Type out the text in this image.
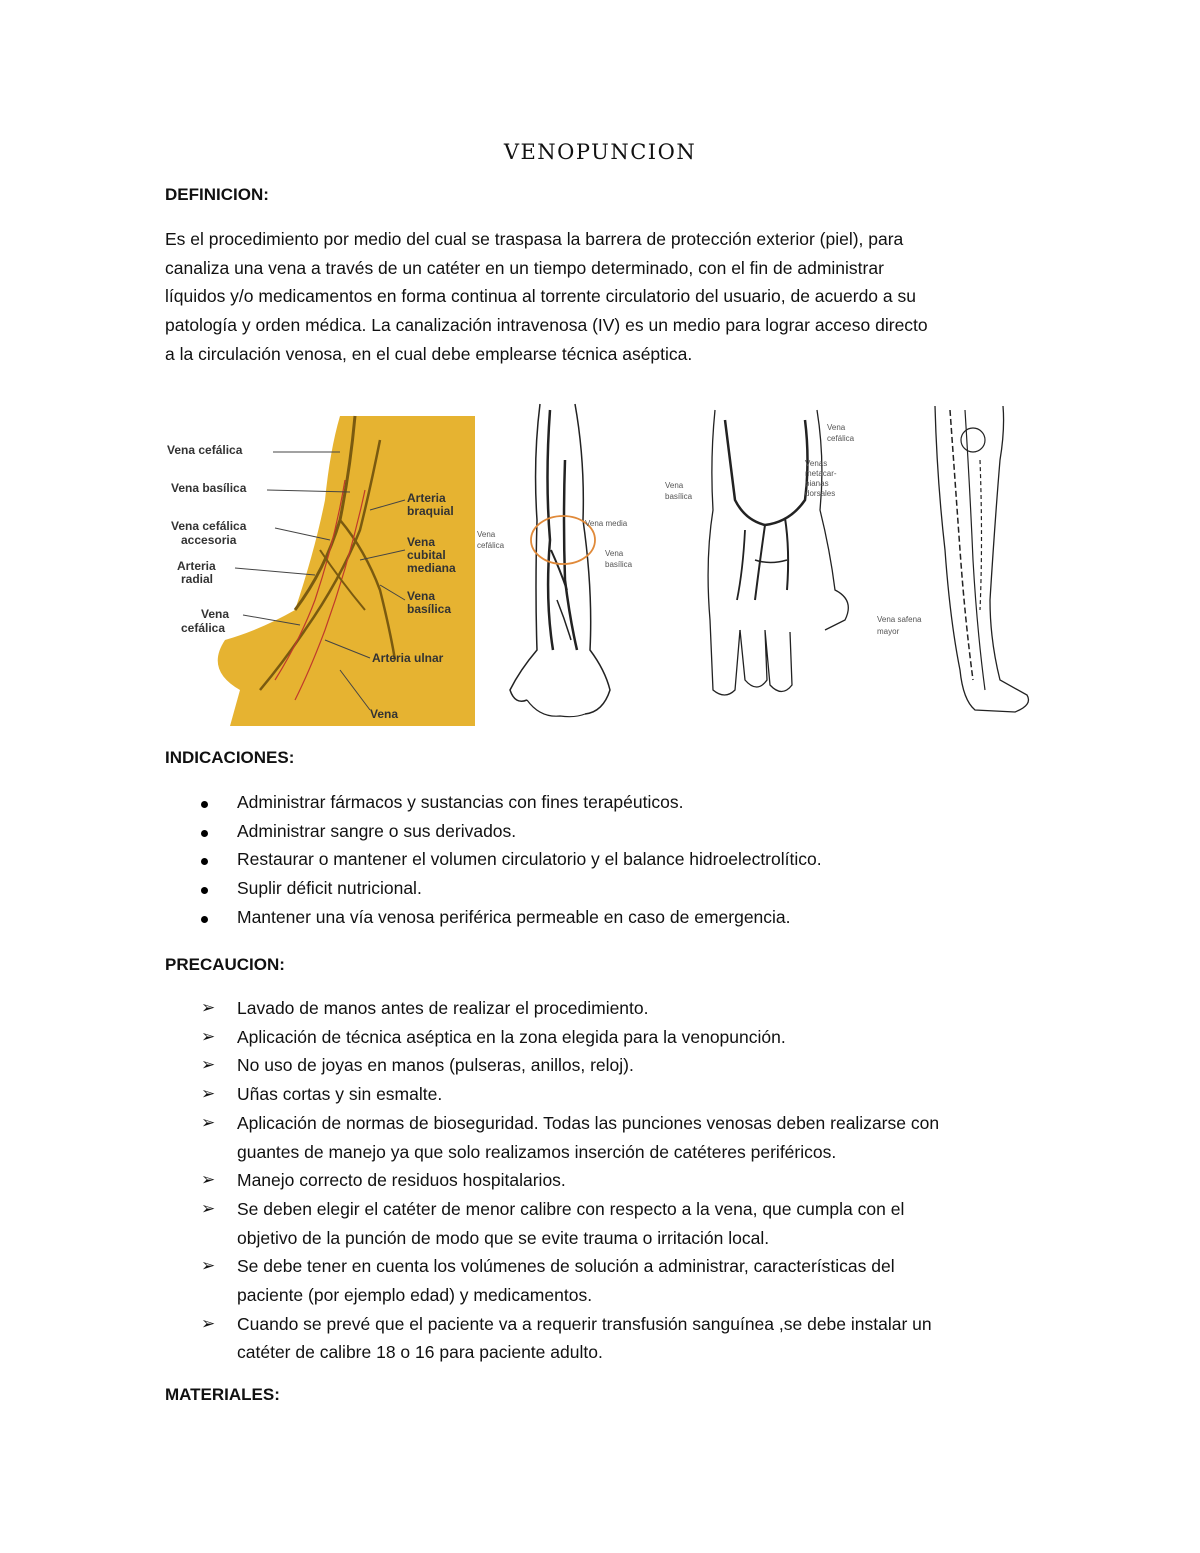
VENOPUNCION
DEFINICION:
Es el procedimiento por medio del cual se traspasa la barrera de protección exterior (piel), para
canaliza una vena a través de un catéter en un tiempo determinado, con el fin de administrar
líquidos y/o medicamentos en forma continua al torrente circulatorio del usuario, de acuerdo a su
patología y orden médica. La canalización intravenosa (IV) es un medio para lograr acceso directo
a la circulación venosa, en el cual debe emplearse técnica aséptica.
Vena cefálica
Vena basílica
Vena cefálica
accesoria
Arteria
radial
Vena
cefálica
Arteria
braquial
Vena
cubital
mediana
Vena
basílica
Arteria ulnar
Vena
Vena
cefálica
Vena media
Vena
basílica
Vena
cefálica
Vena
basílica
Venas
metacar-
pianas
dorsales
Vena safena
mayor
INDICACIONES:
Administrar fármacos y sustancias con fines terapéuticos.
Administrar sangre o sus derivados.
Restaurar o mantener el volumen circulatorio y el balance hidroelectrolítico.
Suplir déficit nutricional.
Mantener una vía venosa periférica permeable en caso de emergencia.
PRECAUCION:
➢ Lavado de manos antes de realizar el procedimiento.
➢ Aplicación de técnica aséptica en la zona elegida para la venopunción.
➢ No uso de joyas en manos (pulseras, anillos, reloj).
➢ Uñas cortas y sin esmalte.
➢ Aplicación de normas de bioseguridad. Todas las punciones venosas deben realizarse con
guantes de manejo ya que solo realizamos inserción de catéteres periféricos.
➢ Manejo correcto de residuos hospitalarios.
➢ Se deben elegir el catéter de menor calibre con respecto a la vena, que cumpla con el
objetivo de la punción de modo que se evite trauma o irritación local.
➢ Se debe tener en cuenta los volúmenes de solución a administrar, características del
paciente (por ejemplo edad) y medicamentos.
➢ Cuando se prevé que el paciente va a requerir transfusión sanguínea ,se debe instalar un
catéter de calibre 18 o 16 para paciente adulto.
MATERIALES:
